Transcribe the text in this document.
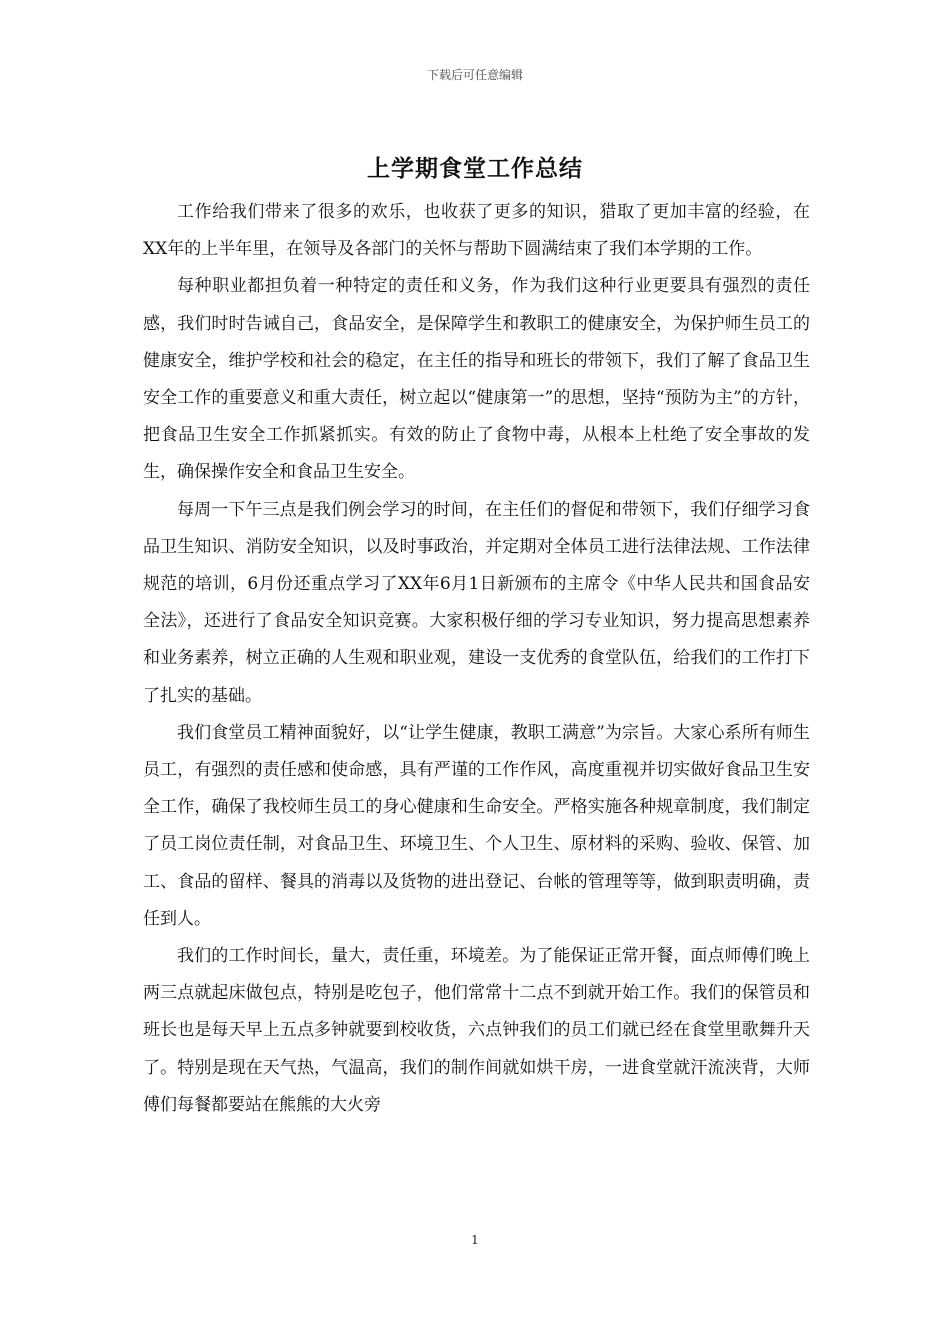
下载后可任意编辑
上学期食堂工作总结

工作给我们带来了很多的欢乐，也收获了更多的知识，猎取了更加丰富的经验，在XX年的上半年里，在领导及各部门的关怀与帮助下圆满结束了我们本学期的工作。

每种职业都担负着一种特定的责任和义务，作为我们这种行业更要具有强烈的责任感，我们时时告诫自己，食品安全，是保障学生和教职工的健康安全，为保护师生员工的健康安全，维护学校和社会的稳定，在主任的指导和班长的带领下，我们了解了食品卫生安全工作的重要意义和重大责任，树立起以“健康第一”的思想，坚持“预防为主”的方针，把食品卫生安全工作抓紧抓实。有效的防止了食物中毒，从根本上杜绝了安全事故的发生，确保操作安全和食品卫生安全。

每周一下午三点是我们例会学习的时间，在主任们的督促和带领下，我们仔细学习食品卫生知识、消防安全知识，以及时事政治，并定期对全体员工进行法律法规、工作法律规范的培训，6月份还重点学习了XX年6月1日新颁布的主席令《中华人民共和国食品安全法》，还进行了食品安全知识竞赛。大家积极仔细的学习专业知识，努力提高思想素养和业务素养，树立正确的人生观和职业观，建设一支优秀的食堂队伍，给我们的工作打下了扎实的基础。

我们食堂员工精神面貌好，以“让学生健康，教职工满意”为宗旨。大家心系所有师生员工，有强烈的责任感和使命感，具有严谨的工作作风，高度重视并切实做好食品卫生安全工作，确保了我校师生员工的身心健康和生命安全。严格实施各种规章制度，我们制定了员工岗位责任制，对食品卫生、环境卫生、个人卫生、原材料的采购、验收、保管、加工、食品的留样、餐具的消毒以及货物的进出登记、台帐的管理等等，做到职责明确，责任到人。

我们的工作时间长，量大，责任重，环境差。为了能保证正常开餐，面点师傅们晚上两三点就起床做包点，特别是吃包子，他们常常十二点不到就开始工作。我们的保管员和班长也是每天早上五点多钟就要到校收货，六点钟我们的员工们就已经在食堂里歌舞升天了。特别是现在天气热，气温高，我们的制作间就如烘干房，一进食堂就汗流浃背，大师傅们每餐都要站在熊熊的大火旁

1
